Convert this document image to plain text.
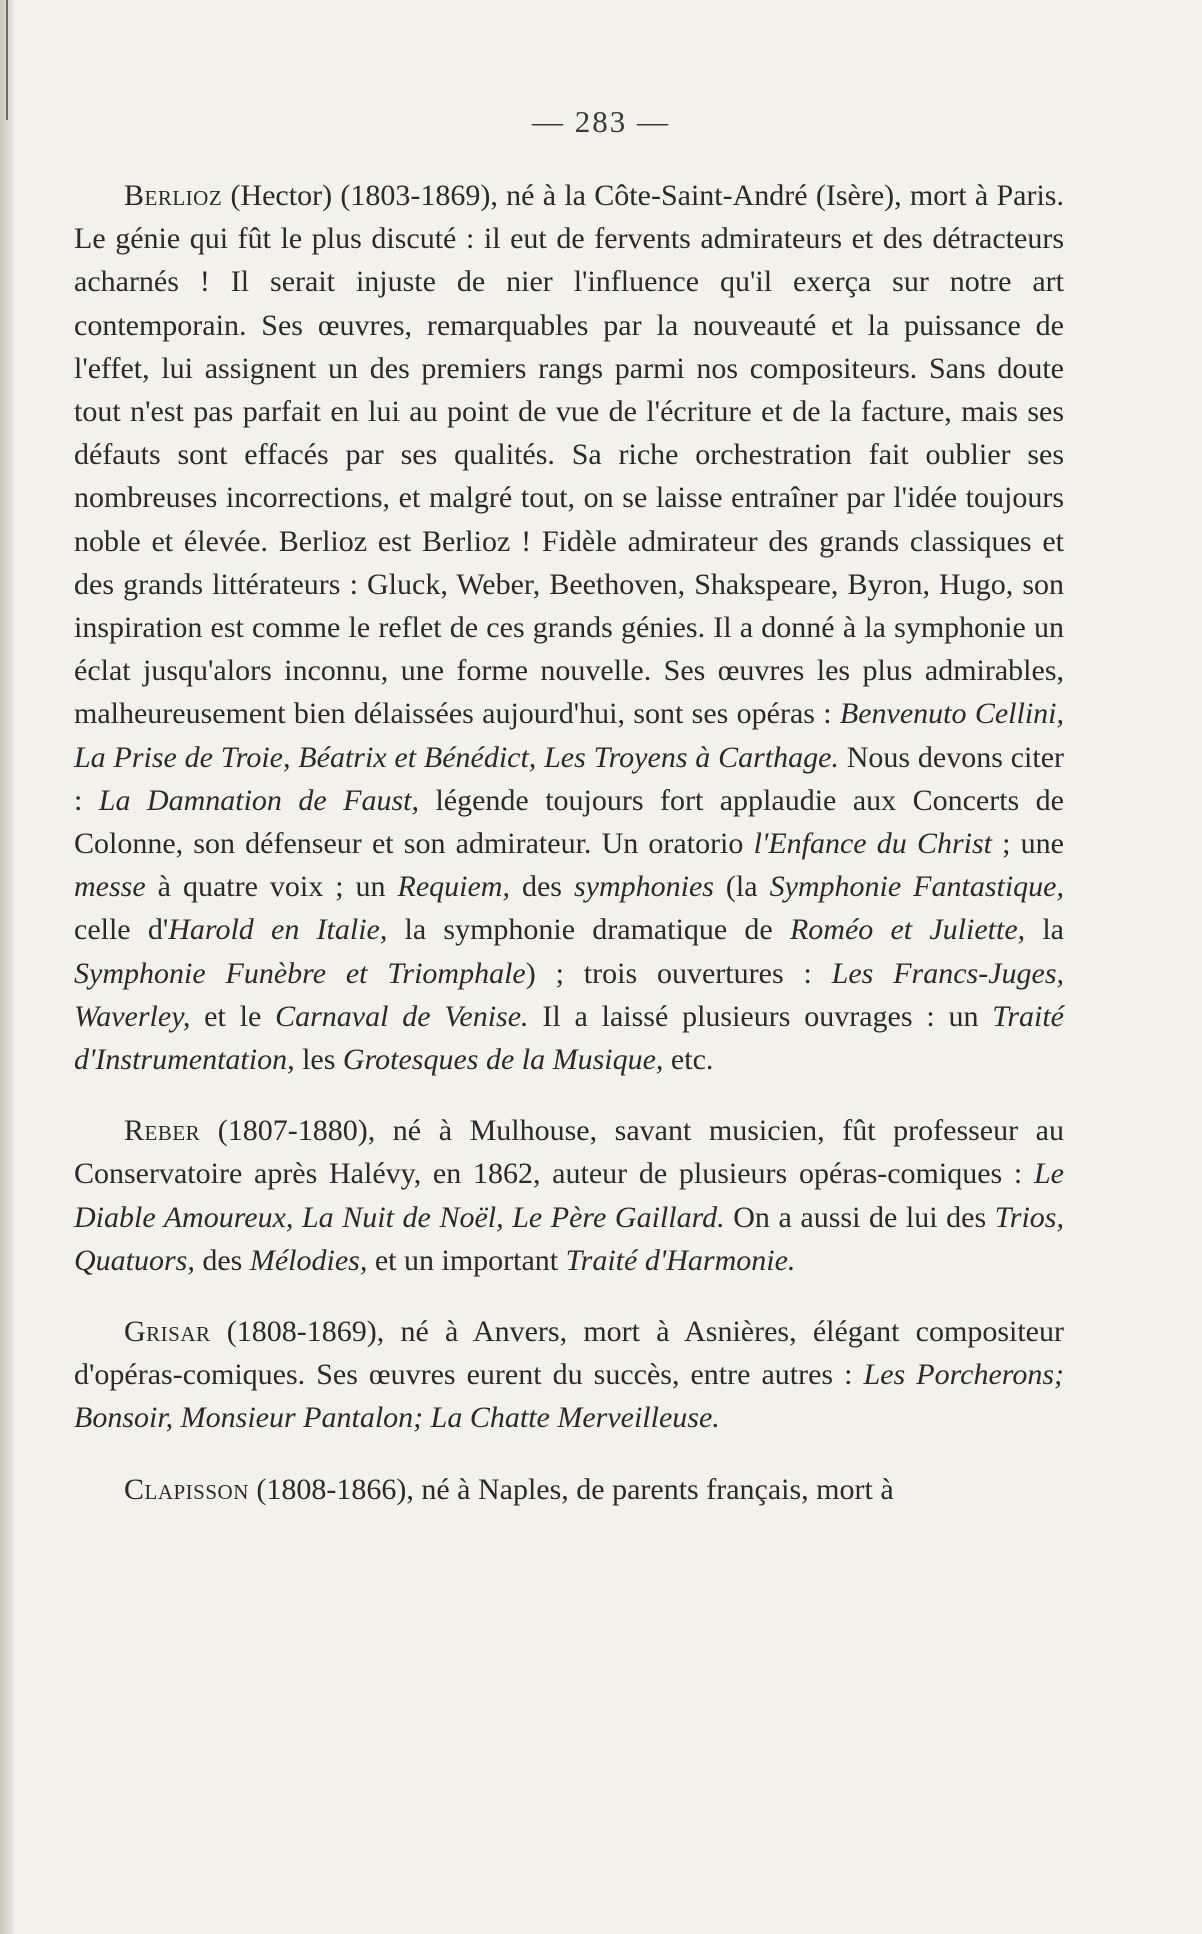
— 283 —

Berlioz (Hector) (1803-1869), né à la Côte-Saint-André (Isère), mort à Paris. Le génie qui fût le plus discuté : il eut de fervents admirateurs et des détracteurs acharnés ! Il serait injuste de nier l'influence qu'il exerça sur notre art contemporain. Ses œuvres, remarquables par la nouveauté et la puissance de l'effet, lui assignent un des premiers rangs parmi nos compositeurs. Sans doute tout n'est pas parfait en lui au point de vue de l'écriture et de la facture, mais ses défauts sont effacés par ses qualités. Sa riche orchestration fait oublier ses nombreuses incorrections, et malgré tout, on se laisse entraîner par l'idée toujours noble et élevée. Berlioz est Berlioz ! Fidèle admirateur des grands classiques et des grands littérateurs : Gluck, Weber, Beethoven, Shakspeare, Byron, Hugo, son inspiration est comme le reflet de ces grands génies. Il a donné à la symphonie un éclat jusqu'alors inconnu, une forme nouvelle. Ses œuvres les plus admirables, malheureusement bien délaissées aujourd'hui, sont ses opéras : Benvenuto Cellini, La Prise de Troie, Béatrix et Bénédict, Les Troyens à Carthage. Nous devons citer : La Damnation de Faust, légende toujours fort applaudie aux Concerts de Colonne, son défenseur et son admirateur. Un oratorio l'Enfance du Christ ; une messe à quatre voix ; un Requiem, des symphonies (la Symphonie Fantastique, celle d'Harold en Italie, la symphonie dramatique de Roméo et Juliette, la Symphonie Funèbre et Triomphale) ; trois ouvertures : Les Francs-Juges, Waverley, et le Carnaval de Venise. Il a laissé plusieurs ouvrages : un Traité d'Instrumentation, les Grotesques de la Musique, etc.

Reber (1807-1880), né à Mulhouse, savant musicien, fût professeur au Conservatoire après Halévy, en 1862, auteur de plusieurs opéras-comiques : Le Diable Amoureux, La Nuit de Noël, Le Père Gaillard. On a aussi de lui des Trios, Quatuors, des Mélodies, et un important Traité d'Harmonie.

Grisar (1808-1869), né à Anvers, mort à Asnières, élégant compositeur d'opéras-comiques. Ses œuvres eurent du succès, entre autres : Les Porcherons; Bonsoir, Monsieur Pantalon; La Chatte Merveilleuse.

Clapisson (1808-1866), né à Naples, de parents français, mort à
